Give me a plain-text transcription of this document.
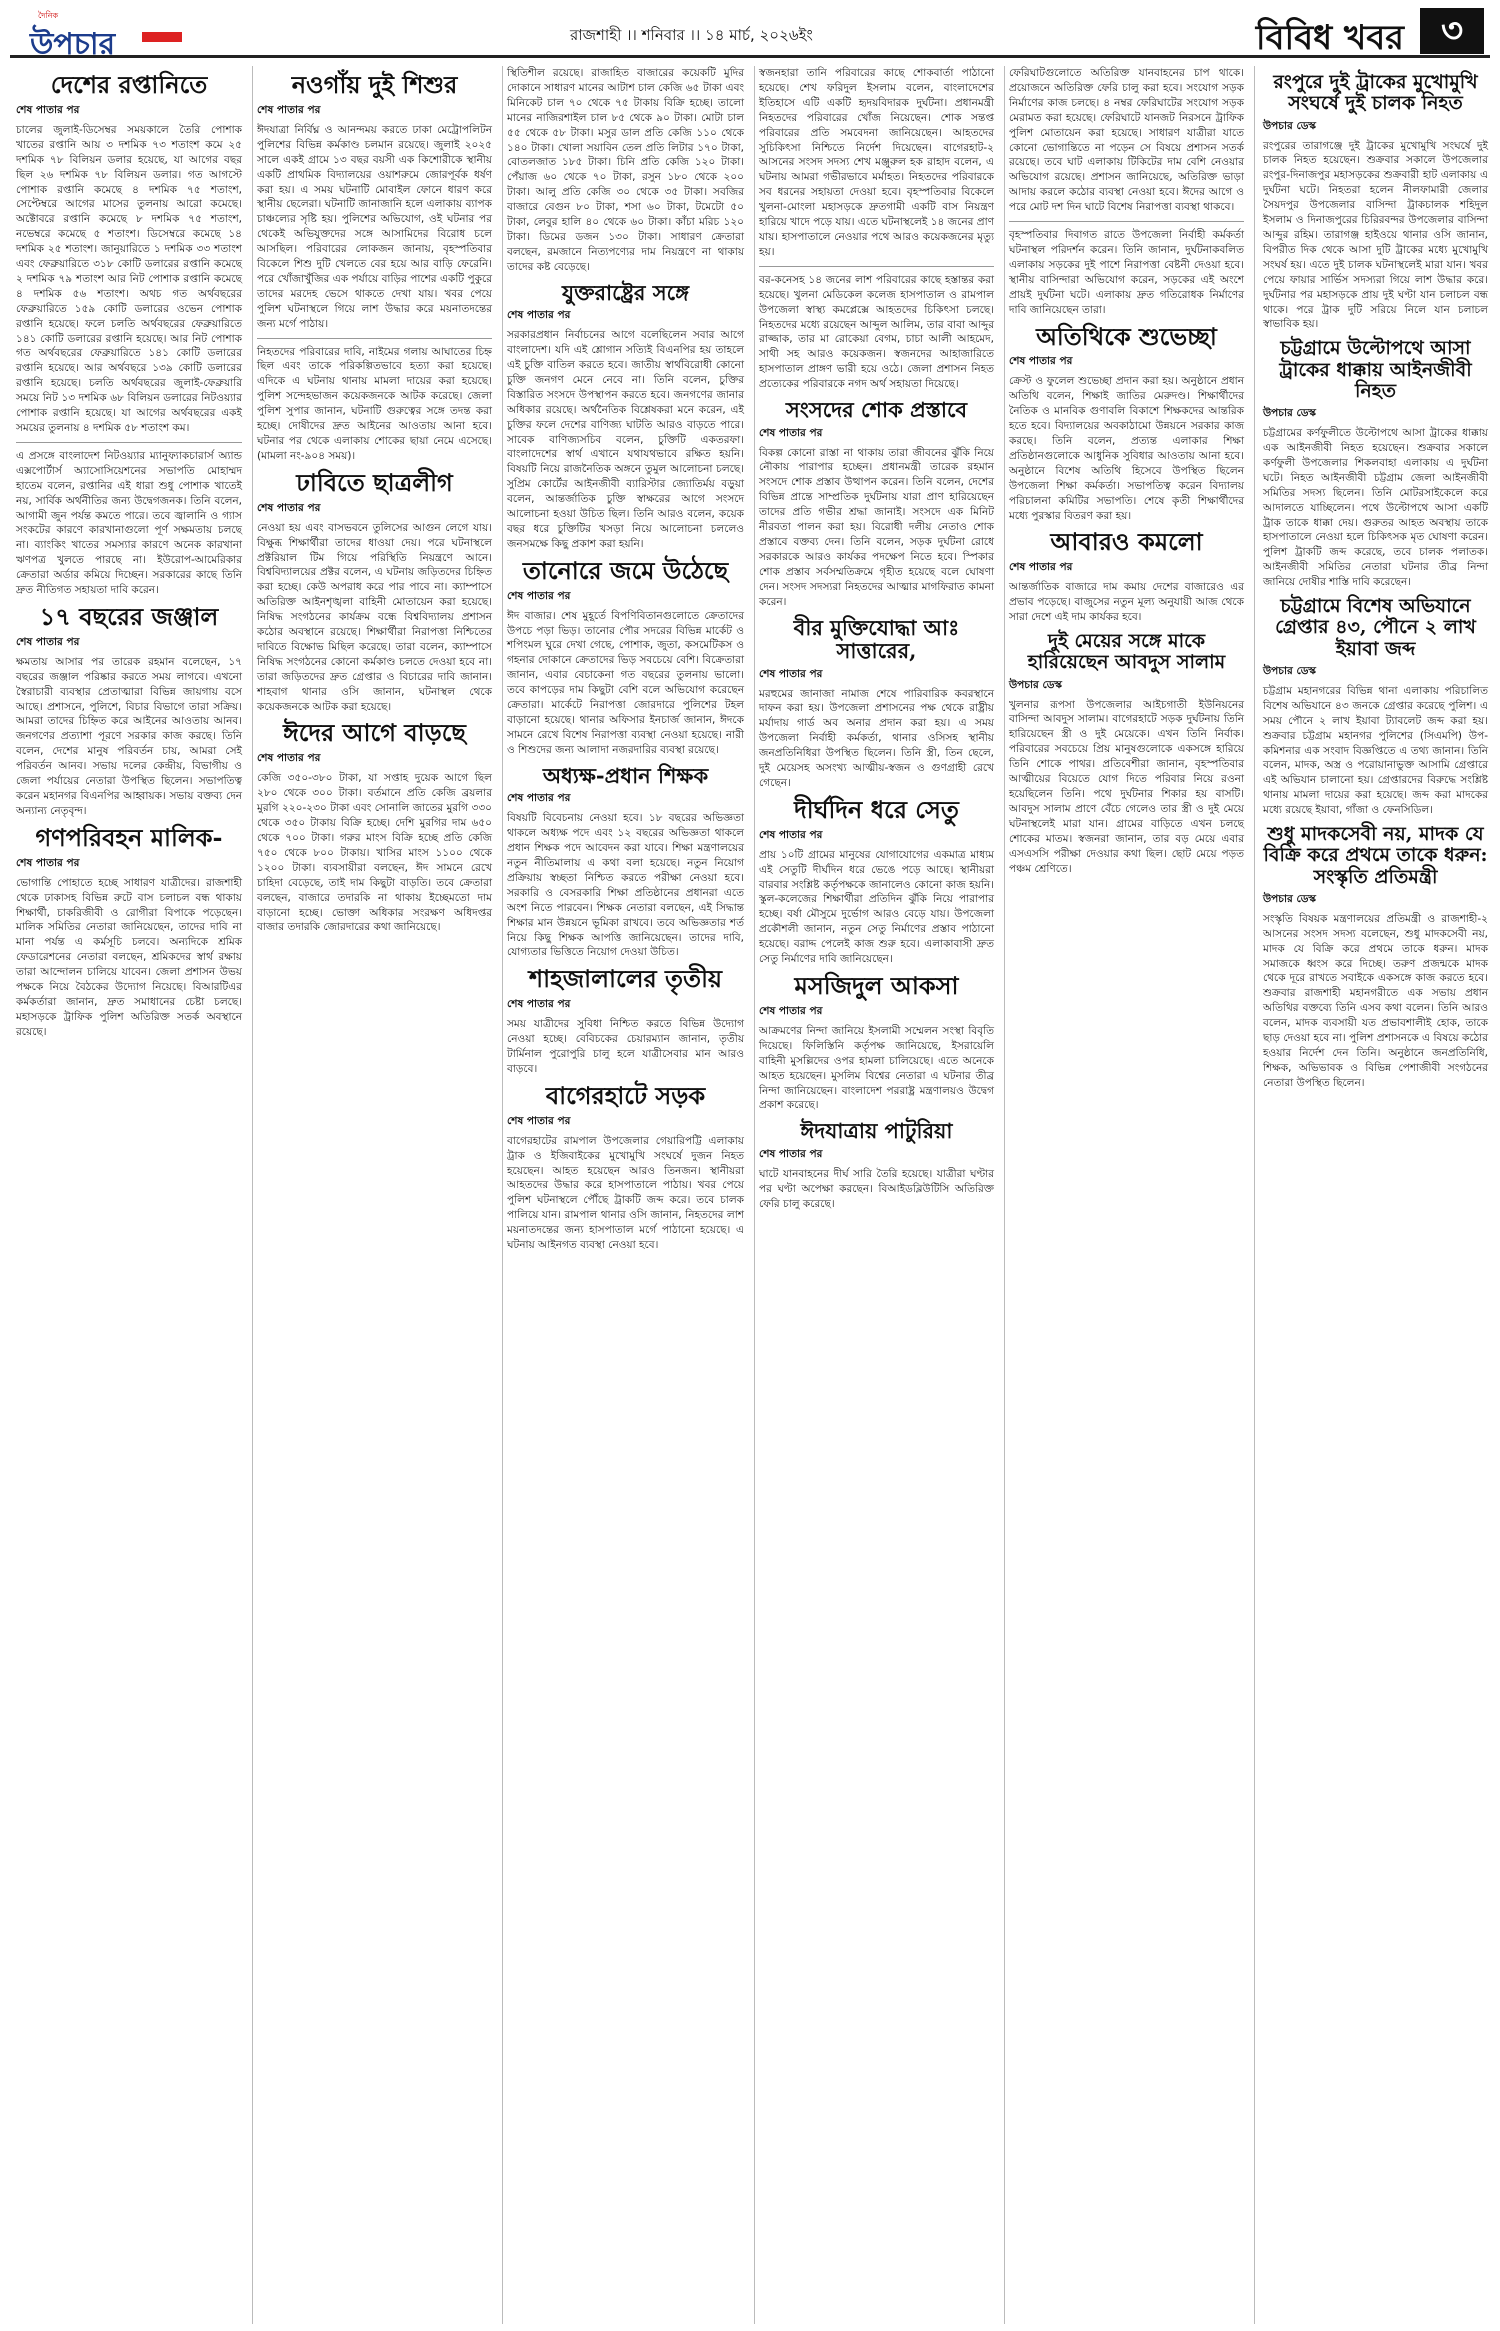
দৈনিক
উপচার	রাজশাহী ।। শনিবার ।। ১৪ মার্চ, ২০২৬ইং	বিবিধ খবর	৩
দেশের রপ্তানিতে
শেষ পাতার পর
চালের জুলাই-ডিসেম্বর সময়কালে তৈরি পোশাক খাতের রপ্তানি আয় ৩ দশমিক ৭৩ শতাংশ কমে ২৫ দশমিক ৭৮ বিলিয়ন ডলার হয়েছে, যা আগের বছর ছিল ২৬ দশমিক ৭৮ বিলিয়ন ডলার। গত আগস্টে পোশাক রপ্তানি কমেছে ৪ দশমিক ৭৫ শতাংশ, সেপ্টেম্বরে আগের মাসের তুলনায় আরো কমেছে। অক্টোবরে রপ্তানি কমেছে ৮ দশমিক ৭৫ শতাংশ, নভেম্বরে কমেছে ৫ শতাংশ। ডিসেম্বরে কমেছে ১৪ দশমিক ২৫ শতাংশ। জানুয়ারিতে ১ দশমিক ৩৩ শতাংশ এবং ফেব্রুয়ারিতে ৩১৮ কোটি ডলারের রপ্তানি কমেছে ২ দশমিক ৭৯ শতাংশ আর নিট পোশাক রপ্তানি কমেছে ৪ দশমিক ৫৬ শতাংশ। অথচ গত অর্থবছরের ফেব্রুয়ারিতে ১৫৯ কোটি ডলারের ওভেন পোশাক রপ্তানি হয়েছে। ফলে চলতি অর্থবছরের ফেব্রুয়ারিতে ১৪১ কোটি ডলারের রপ্তানি হয়েছে। আর নিট পোশাক গত অর্থবছরের ফেব্রুয়ারিতে ১৪১ কোটি ডলারের রপ্তানি হয়েছে। আর অর্থবছরে ১৩৯ কোটি ডলারের রপ্তানি হয়েছে। চলতি অর্থবছরের জুলাই-ফেব্রুয়ারি সময়ে নিট ১৩ দশমিক ৬৮ বিলিয়ন ডলারের নিটওয়্যার পোশাক রপ্তানি হয়েছে। যা আগের অর্থবছরের একই সময়ের তুলনায় ৪ দশমিক ৫৮ শতাংশ কম।
এ প্রসঙ্গে বাংলাদেশ নিটওয়্যার ম্যানুফ্যাকচারার্স অ্যান্ড এক্সপোর্টার্স অ্যাসোসিয়েশনের সভাপতি মোহাম্মদ হাতেম বলেন, রপ্তানির এই ধারা শুধু পোশাক খাতেই নয়, সার্বিক অর্থনীতির জন্য উদ্বেগজনক। তিনি বলেন, আগামী জুন পর্যন্ত কমতে পারে। তবে জ্বালানি ও গ্যাস সংকটের কারণে কারখানাগুলো পূর্ণ সক্ষমতায় চলছে না। ব্যাংকিং খাতের সমস্যার কারণে অনেক কারখানা ঋণপত্র খুলতে পারছে না। ইউরোপ-আমেরিকার ক্রেতারা অর্ডার কমিয়ে দিচ্ছেন। সরকারের কাছে তিনি দ্রুত নীতিগত সহায়তা দাবি করেন।
১৭ বছরের জঞ্জাল
শেষ পাতার পর
ক্ষমতায় আসার পর তারেক রহমান বলেছেন, ১৭ বছরের জঞ্জাল পরিষ্কার করতে সময় লাগবে। এখনো স্বৈরাচারী ব্যবস্থার প্রেতাত্মারা বিভিন্ন জায়গায় বসে আছে। প্রশাসনে, পুলিশে, বিচার বিভাগে তারা সক্রিয়। আমরা তাদের চিহ্নিত করে আইনের আওতায় আনব। জনগণের প্রত্যাশা পূরণে সরকার কাজ করছে। তিনি বলেন, দেশের মানুষ পরিবর্তন চায়, আমরা সেই পরিবর্তন আনব। সভায় দলের কেন্দ্রীয়, বিভাগীয় ও জেলা পর্যায়ের নেতারা উপস্থিত ছিলেন। সভাপতিত্ব করেন মহানগর বিএনপির আহ্বায়ক। সভায় বক্তব্য দেন অন্যান্য নেতৃবৃন্দ।
গণপরিবহন মালিক-
শেষ পাতার পর
ভোগান্তি পোহাতে হচ্ছে সাধারণ যাত্রীদের। রাজশাহী থেকে ঢাকাসহ বিভিন্ন রুটে বাস চলাচল বন্ধ থাকায় শিক্ষার্থী, চাকরিজীবী ও রোগীরা বিপাকে পড়েছেন। মালিক সমিতির নেতারা জানিয়েছেন, তাদের দাবি না মানা পর্যন্ত এ কর্মসূচি চলবে। অন্যদিকে শ্রমিক ফেডারেশনের নেতারা বলছেন, শ্রমিকদের স্বার্থ রক্ষায় তারা আন্দোলন চালিয়ে যাবেন। জেলা প্রশাসন উভয় পক্ষকে নিয়ে বৈঠকের উদ্যোগ নিয়েছে। বিআরটিএর কর্মকর্তারা জানান, দ্রুত সমাধানের চেষ্টা চলছে। মহাসড়কে ট্রাফিক পুলিশ অতিরিক্ত সতর্ক অবস্থানে রয়েছে।
নওগাঁয় দুই শিশুর
শেষ পাতার পর
ঈদযাত্রা নির্বিঘ্ন ও আনন্দময় করতে ঢাকা মেট্রোপলিটন পুলিশের বিভিন্ন কর্মকাণ্ড চলমান রয়েছে। জুলাই ২০২৫ সালে একই গ্রামে ১৩ বছর বয়সী এক কিশোরীকে স্থানীয় একটি প্রাথমিক বিদ্যালয়ের ওয়াশরুমে জোরপূর্বক ধর্ষণ করা হয়। এ সময় ঘটনাটি মোবাইল ফোনে ধারণ করে স্থানীয় ছেলেরা। ঘটনাটি জানাজানি হলে এলাকায় ব্যাপক চাঞ্চল্যের সৃষ্টি হয়। পুলিশের অভিযোগ, ওই ঘটনার পর থেকেই অভিযুক্তদের সঙ্গে আসামিদের বিরোধ চলে আসছিল। পরিবারের লোকজন জানায়, বৃহস্পতিবার বিকেলে শিশু দুটি খেলতে বের হয়ে আর বাড়ি ফেরেনি। পরে খোঁজাখুঁজির এক পর্যায়ে বাড়ির পাশের একটি পুকুরে তাদের মরদেহ ভেসে থাকতে দেখা যায়। খবর পেয়ে পুলিশ ঘটনাস্থলে গিয়ে লাশ উদ্ধার করে ময়নাতদন্তের জন্য মর্গে পাঠায়।
নিহতদের পরিবারের দাবি, নাইমের গলায় আঘাতের চিহ্ন ছিল এবং তাকে পরিকল্পিতভাবে হত্যা করা হয়েছে। এদিকে এ ঘটনায় থানায় মামলা দায়ের করা হয়েছে। পুলিশ সন্দেহভাজন কয়েকজনকে আটক করেছে। জেলা পুলিশ সুপার জানান, ঘটনাটি গুরুত্বের সঙ্গে তদন্ত করা হচ্ছে। দোষীদের দ্রুত আইনের আওতায় আনা হবে। ঘটনার পর থেকে এলাকায় শোকের ছায়া নেমে এসেছে। (মামলা নং-৯০৪ সময়)।
ঢাবিতে ছাত্রলীগ
শেষ পাতার পর
নেওয়া হয় এবং বাসভবনে তুলিসের আগুন লেগে যায়। বিক্ষুব্ধ শিক্ষার্থীরা তাদের ধাওয়া দেয়। পরে ঘটনাস্থলে প্রক্টরিয়াল টিম গিয়ে পরিস্থিতি নিয়ন্ত্রণে আনে। বিশ্ববিদ্যালয়ের প্রক্টর বলেন, এ ঘটনায় জড়িতদের চিহ্নিত করা হচ্ছে। কেউ অপরাধ করে পার পাবে না। ক্যাম্পাসে অতিরিক্ত আইনশৃঙ্খলা বাহিনী মোতায়েন করা হয়েছে। নিষিদ্ধ সংগঠনের কার্যক্রম বন্ধে বিশ্ববিদ্যালয় প্রশাসন কঠোর অবস্থানে রয়েছে। শিক্ষার্থীরা নিরাপত্তা নিশ্চিতের দাবিতে বিক্ষোভ মিছিল করেছে। তারা বলেন, ক্যাম্পাসে নিষিদ্ধ সংগঠনের কোনো কর্মকাণ্ড চলতে দেওয়া হবে না। তারা জড়িতদের দ্রুত গ্রেপ্তার ও বিচারের দাবি জানান। শাহবাগ থানার ওসি জানান, ঘটনাস্থল থেকে কয়েকজনকে আটক করা হয়েছে।
ঈদের আগে বাড়ছে
শেষ পাতার পর
কেজি ৩৫০-৩৮০ টাকা, যা সপ্তাহ দুয়েক আগে ছিল ২৮০ থেকে ৩০০ টাকা। বর্তমানে প্রতি কেজি ব্রয়লার মুরগি ২২০-২৩০ টাকা এবং সোনালি জাতের মুরগি ৩৩০ থেকে ৩৫০ টাকায় বিক্রি হচ্ছে। দেশি মুরগির দাম ৬৫০ থেকে ৭০০ টাকা। গরুর মাংস বিক্রি হচ্ছে প্রতি কেজি ৭৫০ থেকে ৮০০ টাকায়। খাসির মাংস ১১০০ থেকে ১২০০ টাকা। ব্যবসায়ীরা বলছেন, ঈদ সামনে রেখে চাহিদা বেড়েছে, তাই দাম কিছুটা বাড়তি। তবে ক্রেতারা বলছেন, বাজারে তদারকি না থাকায় ইচ্ছেমতো দাম বাড়ানো হচ্ছে। ভোক্তা অধিকার সংরক্ষণ অধিদপ্তর বাজার তদারকি জোরদারের কথা জানিয়েছে।
স্থিতিশীল রয়েছে। রাজাহিত বাজারের কয়েকটি মুদির দোকানে সাধারণ মানের আটাশ চাল কেজি ৬৫ টাকা এবং মিনিকেট চাল ৭০ থেকে ৭৫ টাকায় বিক্রি হচ্ছে। তালো মানের নাজিরশাইল চাল ৮৫ থেকে ৯০ টাকা। মোটা চাল ৫৫ থেকে ৫৮ টাকা। মসুর ডাল প্রতি কেজি ১১০ থেকে ১৪০ টাকা। খোলা সয়াবিন তেল প্রতি লিটার ১৭০ টাকা, বোতলজাত ১৮৫ টাকা। চিনি প্রতি কেজি ১২০ টাকা। পেঁয়াজ ৬০ থেকে ৭০ টাকা, রসুন ১৮০ থেকে ২০০ টাকা। আলু প্রতি কেজি ৩০ থেকে ৩৫ টাকা। সবজির বাজারে বেগুন ৮০ টাকা, শসা ৬০ টাকা, টমেটো ৫০ টাকা, লেবুর হালি ৪০ থেকে ৬০ টাকা। কাঁচা মরিচ ১২০ টাকা। ডিমের ডজন ১৩০ টাকা। সাধারণ ক্রেতারা বলছেন, রমজানে নিত্যপণ্যের দাম নিয়ন্ত্রণে না থাকায় তাদের কষ্ট বেড়েছে।
যুক্তরাষ্ট্রের সঙ্গে
শেষ পাতার পর
সরকারপ্রধান নির্বাচনের আগে বলেছিলেন সবার আগে বাংলাদেশ। যদি এই শ্লোগান সত্যিই বিএনপির হয় তাহলে এই চুক্তি বাতিল করতে হবে। জাতীয় স্বার্থবিরোধী কোনো চুক্তি জনগণ মেনে নেবে না। তিনি বলেন, চুক্তির বিস্তারিত সংসদে উপস্থাপন করতে হবে। জনগণের জানার অধিকার রয়েছে। অর্থনৈতিক বিশ্লেষকরা মনে করেন, এই চুক্তির ফলে দেশের বাণিজ্য ঘাটতি আরও বাড়তে পারে। সাবেক বাণিজ্যসচিব বলেন, চুক্তিটি একতরফা। বাংলাদেশের স্বার্থ এখানে যথাযথভাবে রক্ষিত হয়নি। বিষয়টি নিয়ে রাজনৈতিক অঙ্গনে তুমুল আলোচনা চলছে। সুপ্রিম কোর্টের আইনজীবী ব্যারিস্টার জ্যোতির্ময় বড়ুয়া বলেন, আন্তর্জাতিক চুক্তি স্বাক্ষরের আগে সংসদে আলোচনা হওয়া উচিত ছিল। তিনি আরও বলেন, কয়েক বছর ধরে চুক্তিটির খসড়া নিয়ে আলোচনা চললেও জনসমক্ষে কিছু প্রকাশ করা হয়নি।
তানোরে জমে উঠেছে
শেষ পাতার পর
ঈদ বাজার। শেষ মুহূর্তে বিপণিবিতানগুলোতে ক্রেতাদের উপচে পড়া ভিড়। তানোর পৌর সদরের বিভিন্ন মার্কেট ও শপিংমল ঘুরে দেখা গেছে, পোশাক, জুতা, কসমেটিকস ও গহনার দোকানে ক্রেতাদের ভিড় সবচেয়ে বেশি। বিক্রেতারা জানান, এবার বেচাকেনা গত বছরের তুলনায় ভালো। তবে কাপড়ের দাম কিছুটা বেশি বলে অভিযোগ করেছেন ক্রেতারা। মার্কেটে নিরাপত্তা জোরদারে পুলিশের টহল বাড়ানো হয়েছে। থানার অফিসার ইনচার্জ জানান, ঈদকে সামনে রেখে বিশেষ নিরাপত্তা ব্যবস্থা নেওয়া হয়েছে। নারী ও শিশুদের জন্য আলাদা নজরদারির ব্যবস্থা রয়েছে।
অধ্যক্ষ-প্রধান শিক্ষক
শেষ পাতার পর
বিষয়টি বিবেচনায় নেওয়া হবে। ১৮ বছরের অভিজ্ঞতা থাকলে অধ্যক্ষ পদে এবং ১২ বছরের অভিজ্ঞতা থাকলে প্রধান শিক্ষক পদে আবেদন করা যাবে। শিক্ষা মন্ত্রণালয়ের নতুন নীতিমালায় এ কথা বলা হয়েছে। নতুন নিয়োগ প্রক্রিয়ায় স্বচ্ছতা নিশ্চিত করতে পরীক্ষা নেওয়া হবে। সরকারি ও বেসরকারি শিক্ষা প্রতিষ্ঠানের প্রধানরা এতে অংশ নিতে পারবেন। শিক্ষক নেতারা বলছেন, এই সিদ্ধান্ত শিক্ষার মান উন্নয়নে ভূমিকা রাখবে। তবে অভিজ্ঞতার শর্ত নিয়ে কিছু শিক্ষক আপত্তি জানিয়েছেন। তাদের দাবি, যোগ্যতার ভিত্তিতে নিয়োগ দেওয়া উচিত।
শাহজালালের তৃতীয়
শেষ পাতার পর
সময় যাত্রীদের সুবিধা নিশ্চিত করতে বিভিন্ন উদ্যোগ নেওয়া হচ্ছে। বেবিচকের চেয়ারম্যান জানান, তৃতীয় টার্মিনাল পুরোপুরি চালু হলে যাত্রীসেবার মান আরও বাড়বে।
বাগেরহাটে সড়ক
শেষ পাতার পর
বাগেরহাটের রামপাল উপজেলার গেয়ারিপট্টি এলাকায় ট্রাক ও ইজিবাইকের মুখোমুখি সংঘর্ষে দুজন নিহত হয়েছেন। আহত হয়েছেন আরও তিনজন। স্থানীয়রা আহতদের উদ্ধার করে হাসপাতালে পাঠায়। খবর পেয়ে পুলিশ ঘটনাস্থলে পৌঁছে ট্রাকটি জব্দ করে। তবে চালক পালিয়ে যান। রামপাল থানার ওসি জানান, নিহতদের লাশ ময়নাতদন্তের জন্য হাসপাতাল মর্গে পাঠানো হয়েছে। এ ঘটনায় আইনগত ব্যবস্থা নেওয়া হবে।
স্বজনহারা তানি পরিবারের কাছে শোকবার্তা পাঠানো হয়েছে। শেখ ফরিদুল ইসলাম বলেন, বাংলাদেশের ইতিহাসে এটি একটি হৃদয়বিদারক দুর্ঘটনা। প্রধানমন্ত্রী নিহতদের পরিবারের খোঁজ নিয়েছেন। শোক সন্তপ্ত পরিবারের প্রতি সমবেদনা জানিয়েছেন। আহতদের সুচিকিৎসা নিশ্চিতে নির্দেশ দিয়েছেন। বাগেরহাট-২ আসনের সংসদ সদস্য শেখ মঞ্জুরুল হক রাহাদ বলেন, এ ঘটনায় আমরা গভীরভাবে মর্মাহত। নিহতদের পরিবারকে সব ধরনের সহায়তা দেওয়া হবে। বৃহস্পতিবার বিকেলে খুলনা-মোংলা মহাসড়কে দ্রুতগামী একটি বাস নিয়ন্ত্রণ হারিয়ে খাদে পড়ে যায়। এতে ঘটনাস্থলেই ১৪ জনের প্রাণ যায়। হাসপাতালে নেওয়ার পথে আরও কয়েকজনের মৃত্যু হয়।
বর-কনেসহ ১৪ জনের লাশ পরিবারের কাছে হস্তান্তর করা হয়েছে। খুলনা মেডিকেল কলেজ হাসপাতাল ও রামপাল উপজেলা স্বাস্থ্য কমপ্লেক্সে আহতদের চিকিৎসা চলছে। নিহতদের মধ্যে রয়েছেন আব্দুল আলিম, তার বাবা আব্দুর রাজ্জাক, তার মা রোকেয়া বেগম, চাচা আলী আহমেদ, সাথী সহ আরও কয়েকজন। স্বজনদের আহাজারিতে হাসপাতাল প্রাঙ্গণ ভারী হয়ে ওঠে। জেলা প্রশাসন নিহত প্রত্যেকের পরিবারকে নগদ অর্থ সহায়তা দিয়েছে।
সংসদের শোক প্রস্তাবে
শেষ পাতার পর
বিকল্প কোনো রাস্তা না থাকায় তারা জীবনের ঝুঁকি নিয়ে নৌকায় পারাপার হচ্ছেন। প্রধানমন্ত্রী তারেক রহমান সংসদে শোক প্রস্তাব উত্থাপন করেন। তিনি বলেন, দেশের বিভিন্ন প্রান্তে সাম্প্রতিক দুর্ঘটনায় যারা প্রাণ হারিয়েছেন তাদের প্রতি গভীর শ্রদ্ধা জানাই। সংসদে এক মিনিট নীরবতা পালন করা হয়। বিরোধী দলীয় নেতাও শোক প্রস্তাবে বক্তব্য দেন। তিনি বলেন, সড়ক দুর্ঘটনা রোধে সরকারকে আরও কার্যকর পদক্ষেপ নিতে হবে। স্পিকার শোক প্রস্তাব সর্বসম্মতিক্রমে গৃহীত হয়েছে বলে ঘোষণা দেন। সংসদ সদস্যরা নিহতদের আত্মার মাগফিরাত কামনা করেন।
বীর মুক্তিযোদ্ধা আঃ সাত্তারের,
শেষ পাতার পর
মরহুমের জানাজা নামাজ শেষে পারিবারিক কবরস্থানে দাফন করা হয়। উপজেলা প্রশাসনের পক্ষ থেকে রাষ্ট্রীয় মর্যাদায় গার্ড অব অনার প্রদান করা হয়। এ সময় উপজেলা নির্বাহী কর্মকর্তা, থানার ওসিসহ স্থানীয় জনপ্রতিনিধিরা উপস্থিত ছিলেন। তিনি স্ত্রী, তিন ছেলে, দুই মেয়েসহ অসংখ্য আত্মীয়-স্বজন ও গুণগ্রাহী রেখে গেছেন।
দীর্ঘদিন ধরে সেতু
শেষ পাতার পর
প্রায় ১০টি গ্রামের মানুষের যোগাযোগের একমাত্র মাধ্যম এই সেতুটি দীর্ঘদিন ধরে ভেঙে পড়ে আছে। স্থানীয়রা বারবার সংশ্লিষ্ট কর্তৃপক্ষকে জানালেও কোনো কাজ হয়নি। স্কুল-কলেজের শিক্ষার্থীরা প্রতিদিন ঝুঁকি নিয়ে পারাপার হচ্ছে। বর্ষা মৌসুমে দুর্ভোগ আরও বেড়ে যায়। উপজেলা প্রকৌশলী জানান, নতুন সেতু নির্মাণের প্রস্তাব পাঠানো হয়েছে। বরাদ্দ পেলেই কাজ শুরু হবে। এলাকাবাসী দ্রুত সেতু নির্মাণের দাবি জানিয়েছেন।
মসজিদুল আকসা
শেষ পাতার পর
আক্রমণের নিন্দা জানিয়ে ইসলামী সম্মেলন সংস্থা বিবৃতি দিয়েছে। ফিলিস্তিনি কর্তৃপক্ষ জানিয়েছে, ইসরায়েলি বাহিনী মুসল্লিদের ওপর হামলা চালিয়েছে। এতে অনেকে আহত হয়েছেন। মুসলিম বিশ্বের নেতারা এ ঘটনার তীব্র নিন্দা জানিয়েছেন। বাংলাদেশ পররাষ্ট্র মন্ত্রণালয়ও উদ্বেগ প্রকাশ করেছে।
ঈদযাত্রায় পাটুরিয়া
শেষ পাতার পর
ঘাটে যানবাহনের দীর্ঘ সারি তৈরি হয়েছে। যাত্রীরা ঘণ্টার পর ঘণ্টা অপেক্ষা করছেন। বিআইডব্লিউটিসি অতিরিক্ত ফেরি চালু করেছে।
ফেরিঘাটগুলোতে অতিরিক্ত যানবাহনের চাপ থাকে। প্রয়োজনে অতিরিক্ত ফেরি চালু করা হবে। সংযোগ সড়ক নির্মাণের কাজ চলছে। ৪ নম্বর ফেরিঘাটের সংযোগ সড়ক মেরামত করা হয়েছে। ফেরিঘাটে যানজট নিরসনে ট্রাফিক পুলিশ মোতায়েন করা হয়েছে। সাধারণ যাত্রীরা যাতে কোনো ভোগান্তিতে না পড়েন সে বিষয়ে প্রশাসন সতর্ক রয়েছে। তবে ঘাট এলাকায় টিকিটের দাম বেশি নেওয়ার অভিযোগ রয়েছে। প্রশাসন জানিয়েছে, অতিরিক্ত ভাড়া আদায় করলে কঠোর ব্যবস্থা নেওয়া হবে। ঈদের আগে ও পরে মোট দশ দিন ঘাটে বিশেষ নিরাপত্তা ব্যবস্থা থাকবে।
বৃহস্পতিবার দিবাগত রাতে উপজেলা নির্বাহী কর্মকর্তা ঘটনাস্থল পরিদর্শন করেন। তিনি জানান, দুর্ঘটনাকবলিত এলাকায় সড়কের দুই পাশে নিরাপত্তা বেষ্টনী দেওয়া হবে। স্থানীয় বাসিন্দারা অভিযোগ করেন, সড়কের এই অংশে প্রায়ই দুর্ঘটনা ঘটে। এলাকায় দ্রুত গতিরোধক নির্মাণের দাবি জানিয়েছেন তারা।
অতিথিকে শুভেচ্ছা
শেষ পাতার পর
ক্রেস্ট ও ফুলেল শুভেচ্ছা প্রদান করা হয়। অনুষ্ঠানে প্রধান অতিথি বলেন, শিক্ষাই জাতির মেরুদণ্ড। শিক্ষার্থীদের নৈতিক ও মানবিক গুণাবলি বিকাশে শিক্ষকদের আন্তরিক হতে হবে। বিদ্যালয়ের অবকাঠামো উন্নয়নে সরকার কাজ করছে। তিনি বলেন, প্রত্যন্ত এলাকার শিক্ষা প্রতিষ্ঠানগুলোকে আধুনিক সুবিধার আওতায় আনা হবে। অনুষ্ঠানে বিশেষ অতিথি হিসেবে উপস্থিত ছিলেন উপজেলা শিক্ষা কর্মকর্তা। সভাপতিত্ব করেন বিদ্যালয় পরিচালনা কমিটির সভাপতি। শেষে কৃতী শিক্ষার্থীদের মধ্যে পুরস্কার বিতরণ করা হয়।
আবারও কমলো
শেষ পাতার পর
আন্তর্জাতিক বাজারে দাম কমায় দেশের বাজারেও এর প্রভাব পড়েছে। বাজুসের নতুন মূল্য অনুযায়ী আজ থেকে সারা দেশে এই দাম কার্যকর হবে।
দুই মেয়ের সঙ্গে মাকে হারিয়েছেন আবদুস সালাম
উপচার ডেস্ক
খুলনার রূপসা উপজেলার আইচগাতী ইউনিয়নের বাসিন্দা আবদুস সালাম। বাগেরহাটে সড়ক দুর্ঘটনায় তিনি হারিয়েছেন স্ত্রী ও দুই মেয়েকে। এখন তিনি নির্বাক। পরিবারের সবচেয়ে প্রিয় মানুষগুলোকে একসঙ্গে হারিয়ে তিনি শোকে পাথর। প্রতিবেশীরা জানান, বৃহস্পতিবার আত্মীয়ের বিয়েতে যোগ দিতে পরিবার নিয়ে রওনা হয়েছিলেন তিনি। পথে দুর্ঘটনার শিকার হয় বাসটি। আবদুস সালাম প্রাণে বেঁচে গেলেও তার স্ত্রী ও দুই মেয়ে ঘটনাস্থলেই মারা যান। গ্রামের বাড়িতে এখন চলছে শোকের মাতম। স্বজনরা জানান, তার বড় মেয়ে এবার এসএসসি পরীক্ষা দেওয়ার কথা ছিল। ছোট মেয়ে পড়ত পঞ্চম শ্রেণিতে।
রংপুরে দুই ট্রাকের মুখোমুখি সংঘর্ষে দুই চালক নিহত
উপচার ডেস্ক
রংপুরের তারাগঞ্জে দুই ট্রাকের মুখোমুখি সংঘর্ষে দুই চালক নিহত হয়েছেন। শুক্রবার সকালে উপজেলার রংপুর-দিনাজপুর মহাসড়কের শুক্রবারী হাট এলাকায় এ দুর্ঘটনা ঘটে। নিহতরা হলেন নীলফামারী জেলার সৈয়দপুর উপজেলার বাসিন্দা ট্রাকচালক শহিদুল ইসলাম ও দিনাজপুরের চিরিরবন্দর উপজেলার বাসিন্দা আব্দুর রহিম। তারাগঞ্জ হাইওয়ে থানার ওসি জানান, বিপরীত দিক থেকে আসা দুটি ট্রাকের মধ্যে মুখোমুখি সংঘর্ষ হয়। এতে দুই চালক ঘটনাস্থলেই মারা যান। খবর পেয়ে ফায়ার সার্ভিস সদস্যরা গিয়ে লাশ উদ্ধার করে। দুর্ঘটনার পর মহাসড়কে প্রায় দুই ঘণ্টা যান চলাচল বন্ধ থাকে। পরে ট্রাক দুটি সরিয়ে নিলে যান চলাচল স্বাভাবিক হয়।
চট্টগ্রামে উল্টোপথে আসা ট্রাকের ধাক্কায় আইনজীবী নিহত
উপচার ডেস্ক
চট্টগ্রামের কর্ণফুলীতে উল্টোপথে আসা ট্রাকের ধাক্কায় এক আইনজীবী নিহত হয়েছেন। শুক্রবার সকালে কর্ণফুলী উপজেলার শিকলবাহা এলাকায় এ দুর্ঘটনা ঘটে। নিহত আইনজীবী চট্টগ্রাম জেলা আইনজীবী সমিতির সদস্য ছিলেন। তিনি মোটরসাইকেলে করে আদালতে যাচ্ছিলেন। পথে উল্টোপথে আসা একটি ট্রাক তাকে ধাক্কা দেয়। গুরুতর আহত অবস্থায় তাকে হাসপাতালে নেওয়া হলে চিকিৎসক মৃত ঘোষণা করেন। পুলিশ ট্রাকটি জব্দ করেছে, তবে চালক পলাতক। আইনজীবী সমিতির নেতারা ঘটনার তীব্র নিন্দা জানিয়ে দোষীর শাস্তি দাবি করেছেন।
চট্টগ্রামে বিশেষ অভিযানে গ্রেপ্তার ৪৩, পৌনে ২ লাখ ইয়াবা জব্দ
উপচার ডেস্ক
চট্টগ্রাম মহানগরের বিভিন্ন থানা এলাকায় পরিচালিত বিশেষ অভিযানে ৪৩ জনকে গ্রেপ্তার করেছে পুলিশ। এ সময় পৌনে ২ লাখ ইয়াবা ট্যাবলেট জব্দ করা হয়। শুক্রবার চট্টগ্রাম মহানগর পুলিশের (সিএমপি) উপ-কমিশনার এক সংবাদ বিজ্ঞপ্তিতে এ তথ্য জানান। তিনি বলেন, মাদক, অস্ত্র ও পরোয়ানাভুক্ত আসামি গ্রেপ্তারে এই অভিযান চালানো হয়। গ্রেপ্তারদের বিরুদ্ধে সংশ্লিষ্ট থানায় মামলা দায়ের করা হয়েছে। জব্দ করা মাদকের মধ্যে রয়েছে ইয়াবা, গাঁজা ও ফেনসিডিল।
শুধু মাদকসেবী নয়, মাদক যে বিক্রি করে প্রথমে তাকে ধরুন: সংস্কৃতি প্রতিমন্ত্রী
উপচার ডেস্ক
সংস্কৃতি বিষয়ক মন্ত্রণালয়ের প্রতিমন্ত্রী ও রাজশাহী-২ আসনের সংসদ সদস্য বলেছেন, শুধু মাদকসেবী নয়, মাদক যে বিক্রি করে প্রথমে তাকে ধরুন। মাদক সমাজকে ধ্বংস করে দিচ্ছে। তরুণ প্রজন্মকে মাদক থেকে দূরে রাখতে সবাইকে একসঙ্গে কাজ করতে হবে। শুক্রবার রাজশাহী মহানগরীতে এক সভায় প্রধান অতিথির বক্তব্যে তিনি এসব কথা বলেন। তিনি আরও বলেন, মাদক ব্যবসায়ী যত প্রভাবশালীই হোক, তাকে ছাড় দেওয়া হবে না। পুলিশ প্রশাসনকে এ বিষয়ে কঠোর হওয়ার নির্দেশ দেন তিনি। অনুষ্ঠানে জনপ্রতিনিধি, শিক্ষক, অভিভাবক ও বিভিন্ন পেশাজীবী সংগঠনের নেতারা উপস্থিত ছিলেন।
